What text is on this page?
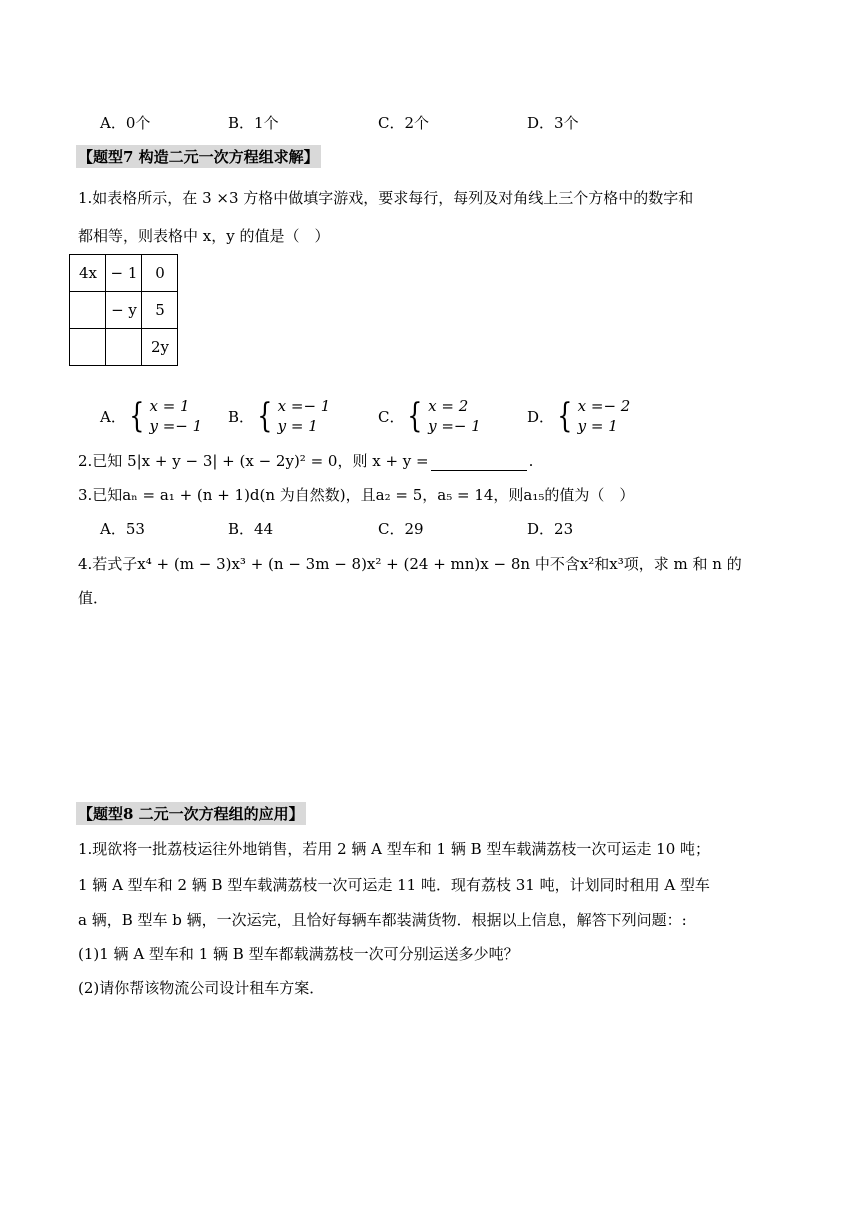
A．0个	B．1个	C．2个	D．3个
【题型7 构造二元一次方程组求解】
1.如表格所示，在 3 ×3 方格中做填字游戏，要求每行，每列及对角线上三个方格中的数字和
都相等，则表格中 x，y 的值是（　）
4x	− 1	0
	− y	5
		2y
A． { x = 1
y =− 1
B． { x =− 1
y = 1
C． { x = 2
y =− 1
D． { x =− 2
y = 1
2.已知 5|x + y − 3| + (x − 2y)² = 0，则 x + y =	.
3.已知aₙ = a₁ + (n + 1)d(n 为自然数)，且a₂ = 5，a₅ = 14，则a₁₅的值为（　）
A．53	B．44	C．29	D．23
4.若式子x⁴ + (m − 3)x³ + (n − 3m − 8)x² + (24 + mn)x − 8n 中不含x²和x³项，求 m 和 n 的
值．
【题型8 二元一次方程组的应用】
1.现欲将一批荔枝运往外地销售，若用 2 辆 A 型车和 1 辆 B 型车载满荔枝一次可运走 10 吨；
1 辆 A 型车和 2 辆 B 型车载满荔枝一次可运走 11 吨．现有荔枝 31 吨，计划同时租用 A 型车
a 辆，B 型车 b 辆，一次运完，且恰好每辆车都装满货物．根据以上信息，解答下列问题：:
(1)1 辆 A 型车和 1 辆 B 型车都载满荔枝一次可分别运送多少吨？
(2)请你帮该物流公司设计租车方案．
